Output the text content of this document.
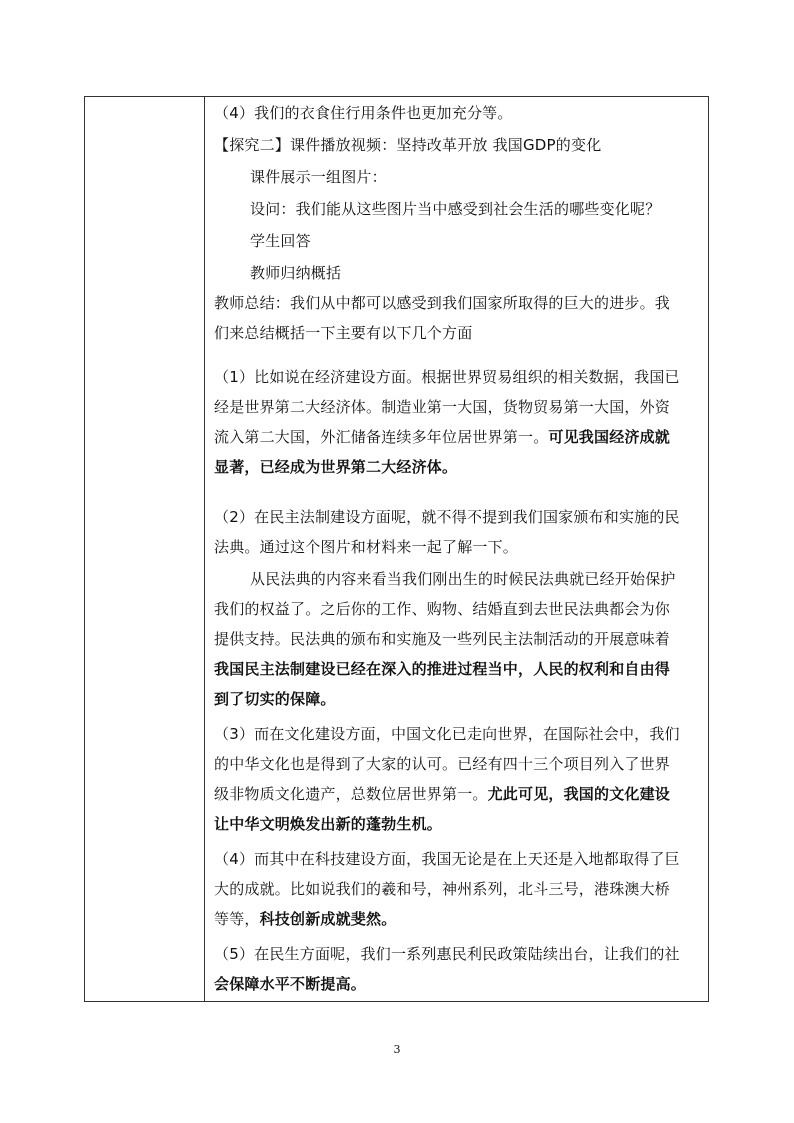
（4）我们的衣食住行用条件也更加充分等。
【探究二】课件播放视频：坚持改革开放 我国GDP的变化
课件展示一组图片：
设问：我们能从这些图片当中感受到社会生活的哪些变化呢？
学生回答
教师归纳概括
教师总结：我们从中都可以感受到我们国家所取得的巨大的进步。我
们来总结概括一下主要有以下几个方面
（1）比如说在经济建设方面。根据世界贸易组织的相关数据，我国已
经是世界第二大经济体。制造业第一大国，货物贸易第一大国，外资
流入第二大国，外汇储备连续多年位居世界第一。可见我国经济成就
显著，已经成为世界第二大经济体。
（2）在民主法制建设方面呢，就不得不提到我们国家颁布和实施的民
法典。通过这个图片和材料来一起了解一下。
从民法典的内容来看当我们刚出生的时候民法典就已经开始保护
我们的权益了。之后你的工作、购物、结婚直到去世民法典都会为你
提供支持。民法典的颁布和实施及一些列民主法制活动的开展意味着
我国民主法制建设已经在深入的推进过程当中，人民的权利和自由得
到了切实的保障。
（3）而在文化建设方面，中国文化已走向世界，在国际社会中，我们
的中华文化也是得到了大家的认可。已经有四十三个项目列入了世界
级非物质文化遗产，总数位居世界第一。尤此可见，我国的文化建设
让中华文明焕发出新的蓬勃生机。
（4）而其中在科技建设方面，我国无论是在上天还是入地都取得了巨
大的成就。比如说我们的羲和号，神州系列，北斗三号，港珠澳大桥
等等，科技创新成就斐然。
（5）在民生方面呢，我们一系列惠民利民政策陆续出台，让我们的社
会保障水平不断提高。
3
